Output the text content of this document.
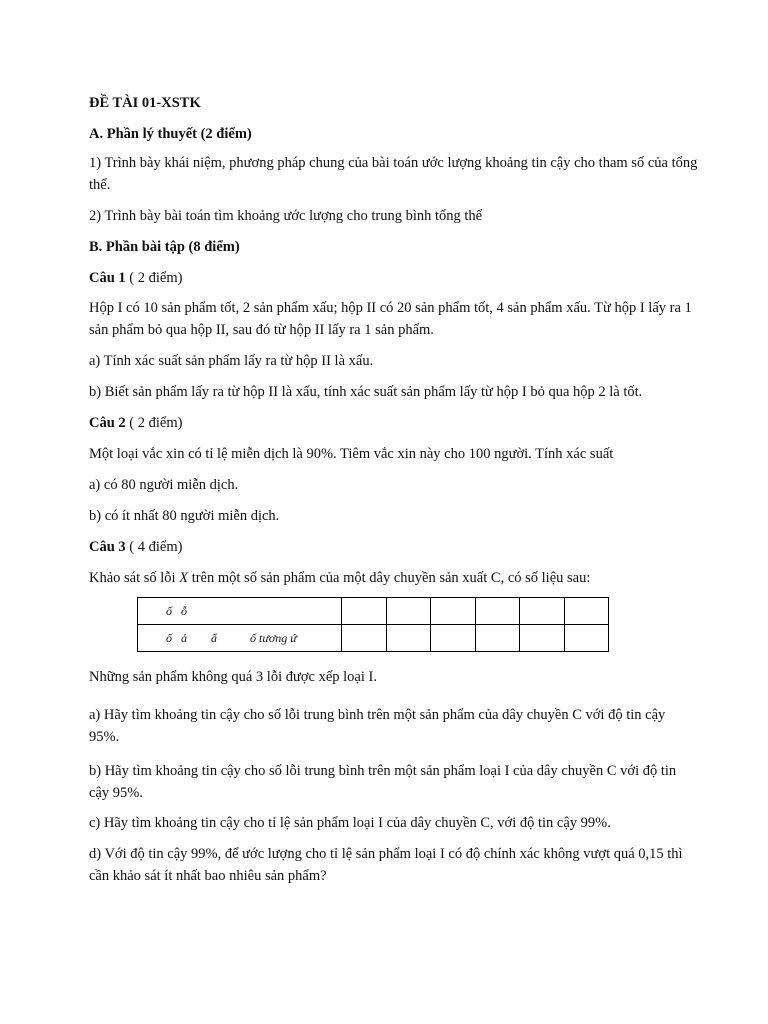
ĐỀ TÀI 01-XSTK

A. Phần lý thuyết (2 điểm)

1) Trình bày khái niệm, phương pháp chung của bài toán ước lượng khoảng tin cậy cho tham số của tổng thể.

2) Trình bày bài toán tìm khoảng ước lượng cho trung bình tổng thể

B. Phần bài tập (8 điểm)

Câu 1 ( 2 điểm)

Hộp I có 10 sản phẩm tốt, 2 sản phẩm xấu; hộp II có 20 sản phẩm tốt, 4 sản phẩm xấu. Từ hộp I lấy ra 1 sản phẩm bỏ qua hộp II, sau đó từ hộp II lấy ra 1 sản phẩm.

a) Tính xác suất sản phẩm lấy ra từ hộp II là xấu.

b) Biết sản phẩm lấy ra từ hộp II là xấu, tính xác suất sản phẩm lấy từ hộp I bỏ qua hộp 2 là tốt.

Câu 2 ( 2 điểm)

Một loại vắc xin có tỉ lệ miễn dịch là 90%. Tiêm vắc xin này cho 100 người. Tính xác suất

a) có 80 người miễn dịch.

b) có ít nhất 80 người miễn dịch.

Câu 3 ( 4 điểm)

Khảo sát số lỗi X trên một số sản phẩm của một dây chuyền sản xuất C, có số liệu sau:

ố   ỗ						
ố   ả        ẩ           ố tương ứ						

Những sản phẩm không quá 3 lỗi được xếp loại I.

a) Hãy tìm khoảng tin cậy cho số lỗi trung bình trên một sản phẩm của dây chuyền C với độ tin cậy 95%.

b) Hãy tìm khoảng tin cậy cho số lỗi trung bình trên một sản phẩm loại I của dây chuyền C với độ tin cậy 95%.

c) Hãy tìm khoảng tin cậy cho tỉ lệ sản phẩm loại I của dây chuyền C, với độ tin cậy 99%.

d) Với độ tin cậy 99%, để ước lượng cho tỉ lệ sản phẩm loại I có độ chính xác không vượt quá 0,15 thì cần khảo sát ít nhất bao nhiêu sản phẩm?
